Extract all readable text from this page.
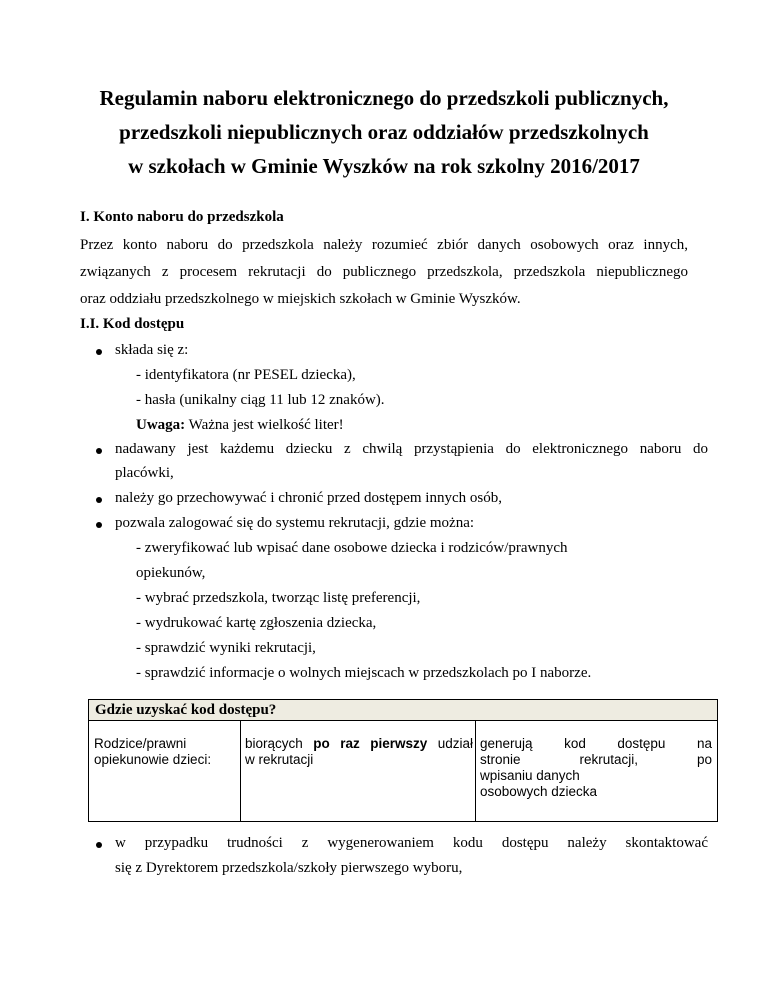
Regulamin naboru elektronicznego do przedszkoli publicznych,
przedszkoli niepublicznych oraz oddziałów przedszkolnych
w szkołach w Gminie Wyszków na rok szkolny 2016/2017

I. Konto naboru do przedszkola

Przez konto naboru do przedszkola należy rozumieć zbiór danych osobowych oraz innych,

związanych z procesem rekrutacji do publicznego przedszkola, przedszkola niepublicznego

oraz oddziału przedszkolnego w miejskich szkołach w Gminie Wyszków.

I.I. Kod dostępu

składa się z:

- identyfikatora (nr PESEL dziecka),

- hasła (unikalny ciąg 11 lub 12 znaków).

Uwaga: Ważna jest wielkość liter!

nadawany jest każdemu dziecku z chwilą przystąpienia do elektronicznego naboru do

placówki,

należy go przechowywać i chronić przed dostępem innych osób,

pozwala zalogować się do systemu rekrutacji, gdzie można:

- zweryfikować lub wpisać dane osobowe dziecka i rodziców/prawnych

opiekunów,

- wybrać przedszkola, tworząc listę preferencji,

- wydrukować kartę zgłoszenia dziecka,

- sprawdzić wyniki rekrutacji,

- sprawdzić informacje o wolnych miejscach w przedszkolach po I naborze.

Gdzie uzyskać kod dostępu?
Rodzice/prawni
opiekunowie dzieci:
biorących po raz pierwszy udział
w rekrutacji
generują kod dostępu na
stronie rekrutacji, po
wpisaniu danych
osobowych dziecka

w przypadku trudności z wygenerowaniem kodu dostępu należy skontaktować

się z Dyrektorem przedszkola/szkoły pierwszego wyboru,
